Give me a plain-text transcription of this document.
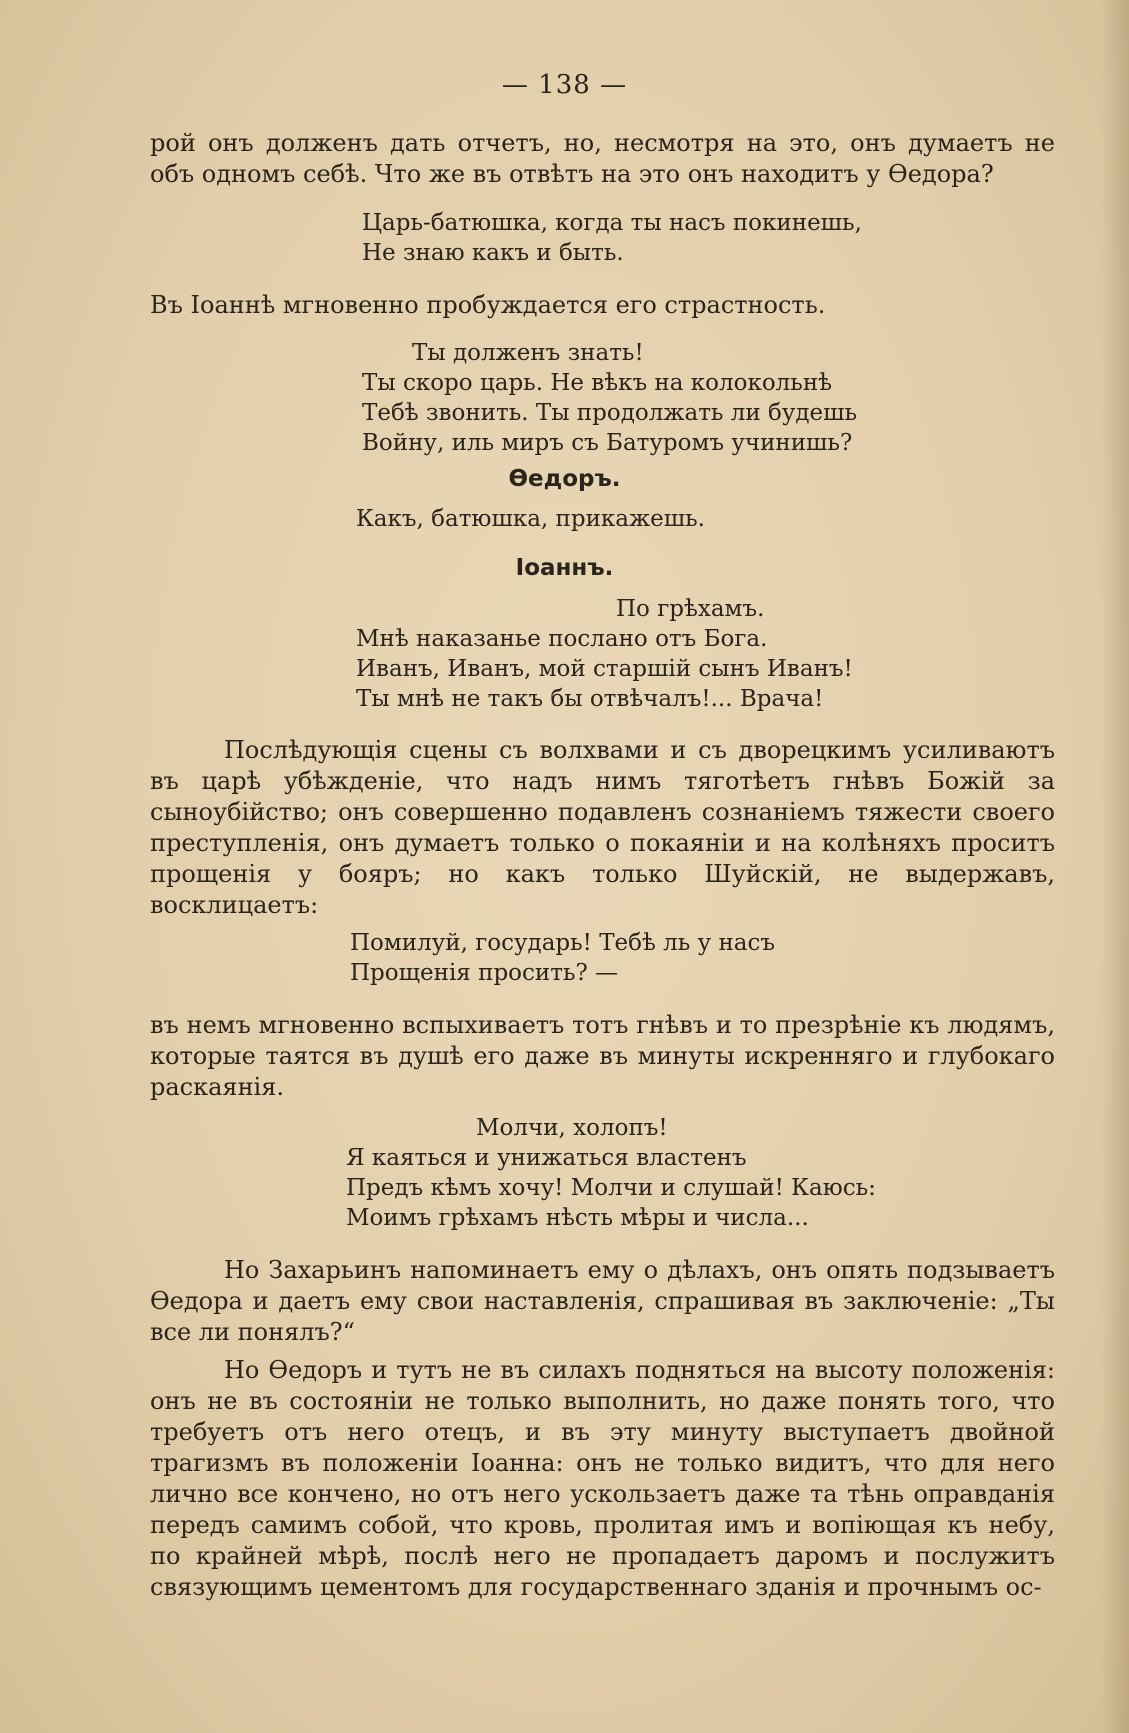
— 138 —

рой онъ долженъ дать отчетъ, но, несмотря на это, онъ думаетъ не объ одномъ себѣ. Что же въ отвѣтъ на это онъ находитъ у Ѳедора?

Царь-батюшка, когда ты насъ покинешь,
Не знаю какъ и быть.

Въ Іоаннѣ мгновенно пробуждается его страстность.

Ты долженъ знать!
Ты скоро царь. Не вѣкъ на колокольнѣ
Тебѣ звонить. Ты продолжать ли будешь
Войну, иль миръ съ Батуромъ учинишь?
Ѳедоръ.
Какъ, батюшка, прикажешь.
Іоаннъ.
По грѣхамъ.
Мнѣ наказанье послано отъ Бога.
Иванъ, Иванъ, мой старшій сынъ Иванъ!
Ты мнѣ не такъ бы отвѣчалъ!... Врача!

Послѣдующія сцены съ волхвами и съ дворецкимъ усиливаютъ въ царѣ убѣжденіе, что надъ нимъ тяготѣетъ гнѣвъ Божій за сыноубійство; онъ совершенно подавленъ сознаніемъ тяжести своего преступленія, онъ думаетъ только о покаяніи и на колѣняхъ проситъ прощенія у бояръ; но какъ только Шуйскій, не выдержавъ, восклицаетъ:

Помилуй, государь! Тебѣ ль у насъ
Прощенія просить? —

въ немъ мгновенно вспыхиваетъ тотъ гнѣвъ и то презрѣніе къ людямъ, которые таятся въ душѣ его даже въ минуты искренняго и глубокаго раскаянія.

Молчи, холопъ!
Я каяться и унижаться властенъ
Предъ кѣмъ хочу! Молчи и слушай! Каюсь:
Моимъ грѣхамъ нѣсть мѣры и числа...

Но Захарьинъ напоминаетъ ему о дѣлахъ, онъ опять подзываетъ Ѳедора и даетъ ему свои наставленія, спрашивая въ заключеніе: „Ты все ли понялъ?“

Но Ѳедоръ и тутъ не въ силахъ подняться на высоту положенія: онъ не въ состояніи не только выполнить, но даже понять того, что требуетъ отъ него отецъ, и въ эту минуту выступаетъ двойной трагизмъ въ положеніи Іоанна: онъ не только видитъ, что для него лично все кончено, но отъ него ускользаетъ даже та тѣнь оправданія передъ самимъ собой, что кровь, пролитая имъ и вопіющая къ небу, по крайней мѣрѣ, послѣ него не пропадаетъ даромъ и послужитъ связующимъ цементомъ для государственнаго зданія и прочнымъ ос-
